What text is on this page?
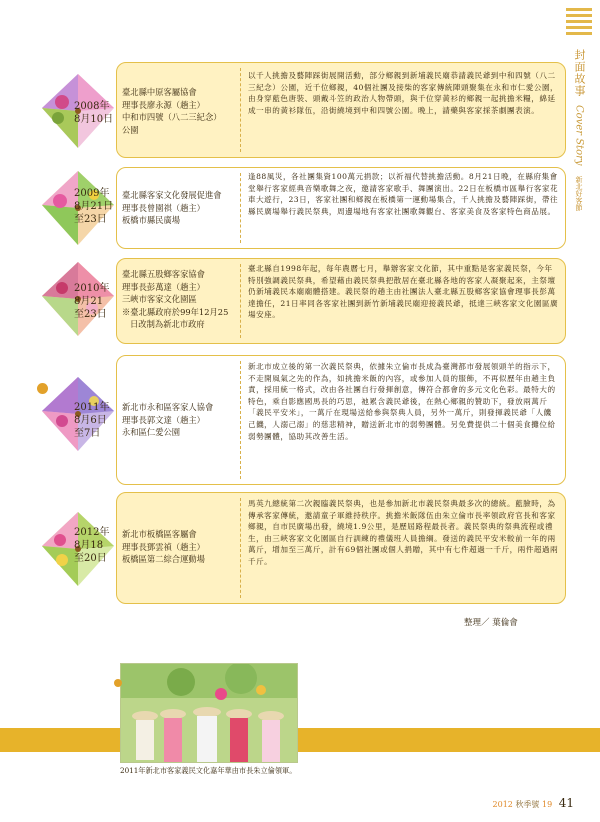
封面故事
Cover Story
新北好客節
2008年
8月10日
臺北縣中原客屬協會
理事長廖永源（趟主）
中和市四號（八二三紀念）
公園
以千人挑擔及藝陣踩街展開活動，部分鄉親到新埔義民廟恭請義民爺到中和四號（八二三紀念）公園，近千位鄉親，40個社團及接柴的客家傳統陣頭聚集在永和市仁愛公園，由身穿藍色唐裝、頭戴斗笠的政治人物帶頭，與千位穿黃衫的鄉親一起挑擔米糧，綿延成一串的黃衫隊伍，沿街繞境到中和四號公園。晚上，請藥與客家採茶劇團表演。
2009年
8月21日
至23日
臺北縣客家文化發展促進會
理事長曾園祺（趟主）
板橋市縣民廣場
逢88風災，各社團集資100萬元捐款；以祈福代替挑擔活動。8月21日晚，在縣府集會堂舉行客家經典音樂歌舞之夜，邀請客家歌手、舞團演出。22日在板橋市區舉行客家花車大遊行，23日，客家社團和鄉親在板橋第一運動場集合，千人挑擔及藝陣踩街，帶往縣民廣場舉行義民祭典，周邊場地有客家社團歌舞觀台、客家美食及客家特色商品展。
2010年
8月21
至23日
臺北縣五股鄉客家協會
理事長彭萬達（趟主）
三峽市客家文化園區
※臺北縣政府於99年12月25
日改制為新北市政府
臺北縣自1998年起，每年農曆七月，舉辦客家文化節，其中重點是客家義民祭，今年特別強調義民祭典，希望藉由義民祭典把散居在臺北縣各地的客家人凝聚起來，主祭壇仍新埔義民本廟廟體搭建。義民祭的趟主由社團法人臺北縣五股鄉客家協會理事長彭萬達擔任，21日率同各客家社團到新竹新埔義民廟迎接義民爺，抵達三峽客家文化園區廣場安座。
2011年
8月6日
至7日
新北市永和區客家人協會
理事長郭文達（趟主）
永和區仁愛公園
新北市成立後的第一次義民祭典，依據朱立倫市長成為臺灣都市發展領頭羊的指示下，不走開風氣之先的作為，如挑擔米飯的內容，或參加人員的服飾，不再似歷年由趟主負責，採用統一格式，改由各社團自行發揮創意，傳符合都會的多元文化色彩。最特大的特色，乘自影應國馬長的巧思，祂累含義民爺後，在熱心鄉親的贊助下，發放兩萬斤「義民平安米」，一萬斤在現場送給參與祭典人員，另外一萬斤，則發揮義民爺「人饑己饑，人溺己溺」的慈悲精神，贈送新北市的弱勢團體。另免費提供二十個美食攤位給弱勢團體，協助其改善生活。
2012年
8月18
至20日
新北市板橋區客屬會
理事長鄧雲禎（趟主）
板橋區第二綜合運動場
馬英九總統第二次親臨義民祭典，也是參加新北市義民祭典最多次的總統。藍臉時，為傳承客家傳統，邀請童子軍維持秩序。挑擔米飯隊伍由朱立倫市長率領政府官長和客家鄉親，自市民廣場出發，繞境1.9公里，是歷屆路程最長者。義民祭典的祭典流程或禮生，由三峽客家文化園區自行訓練的禮儀班人員擔綱。發送的義民平安米較前一年的兩萬斤，增加至三萬斤，計有69個社團或個人捐贈，其中有七件超過一千斤，兩件超過兩千斤。
整理／ 葉倫會
2011年新北市客家義民文化嘉年華由市長朱立倫領軍。
2012 秋季號 19 41
